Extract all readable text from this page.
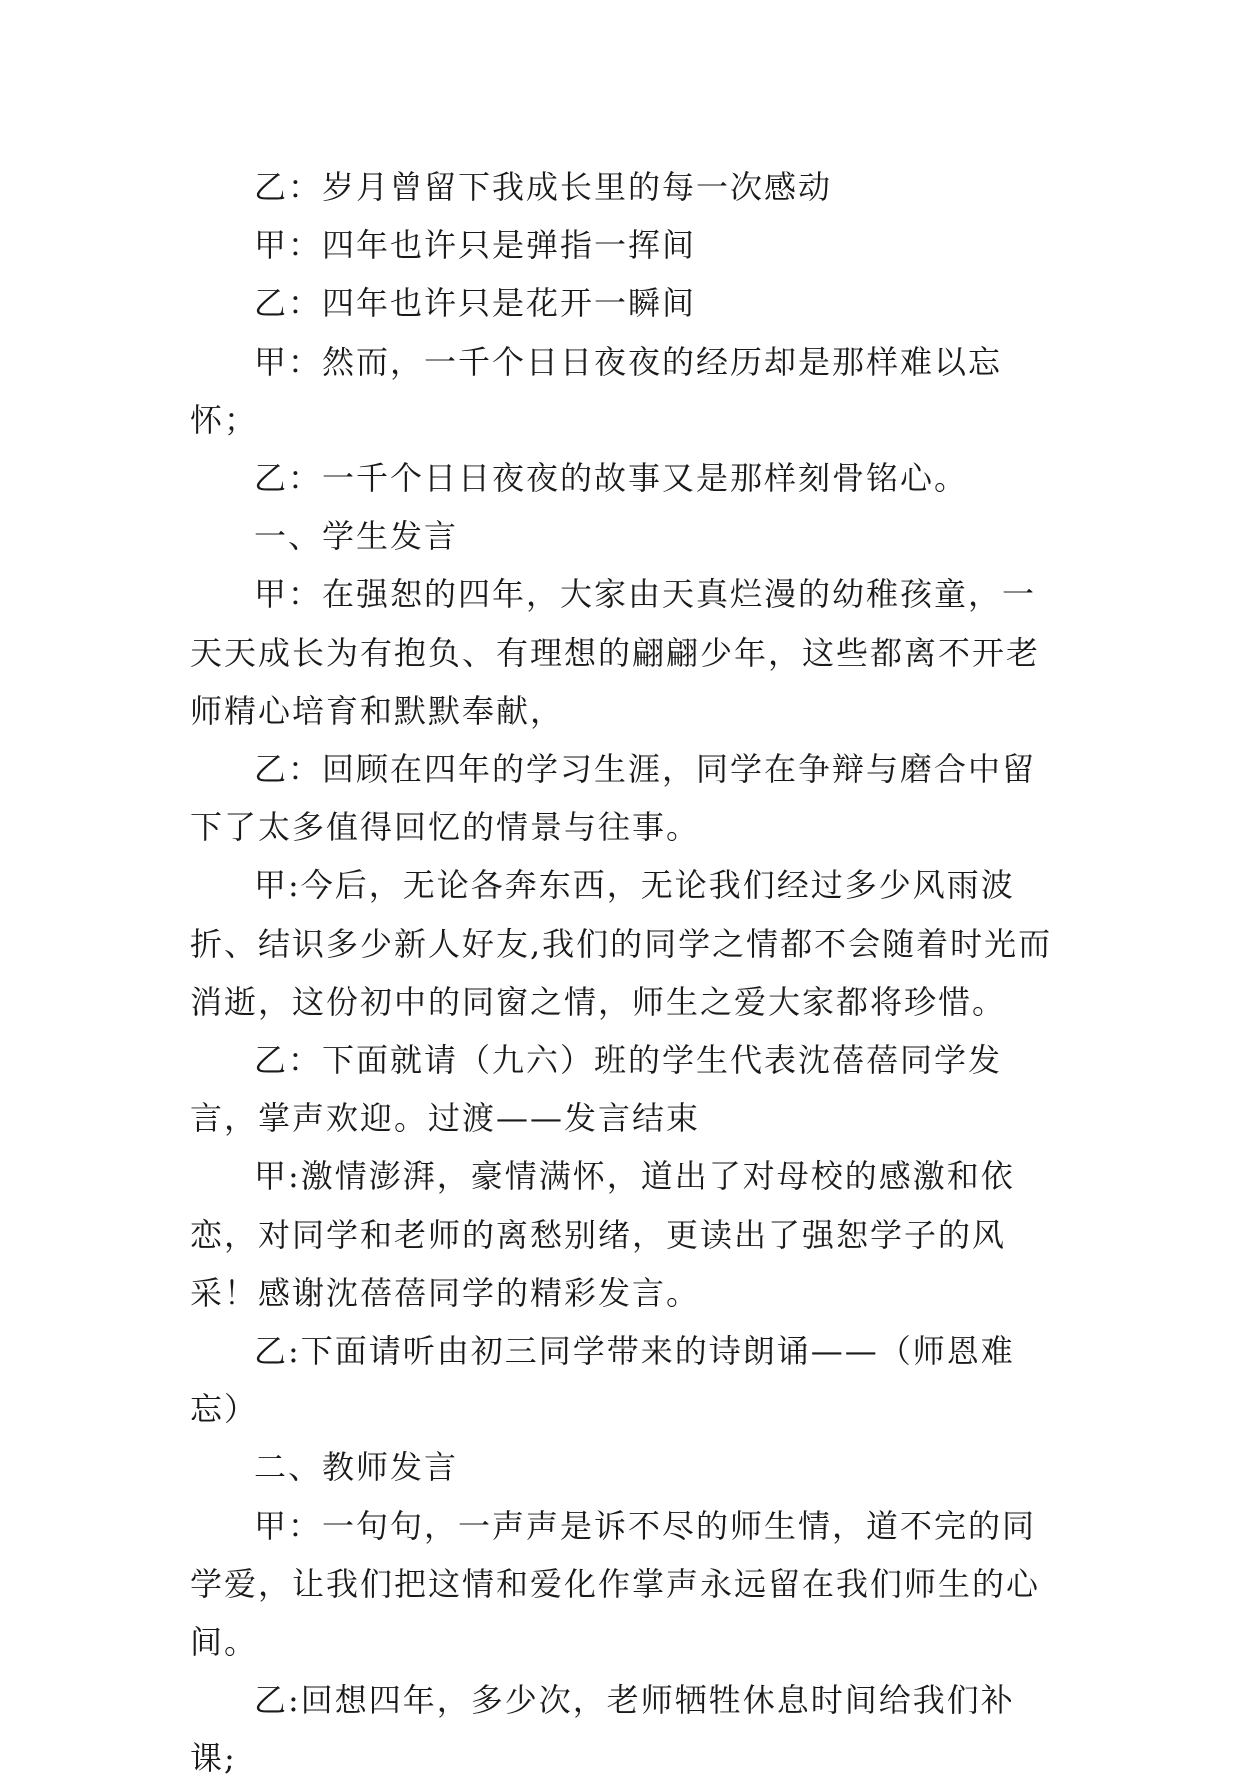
乙：岁月曾留下我成长里的每一次感动

甲：四年也许只是弹指一挥间

乙：四年也许只是花开一瞬间

甲：然而，一千个日日夜夜的经历却是那样难以忘怀；

乙：一千个日日夜夜的故事又是那样刻骨铭心。

一、学生发言

甲：在强恕的四年，大家由天真烂漫的幼稚孩童，一天天成长为有抱负、有理想的翩翩少年，这些都离不开老师精心培育和默默奉献，

乙：回顾在四年的学习生涯，同学在争辩与磨合中留下了太多值得回忆的情景与往事。

甲:今后，无论各奔东西，无论我们经过多少风雨波折、结识多少新人好友,我们的同学之情都不会随着时光而消逝，这份初中的同窗之情，师生之爱大家都将珍惜。

乙：下面就请（九六）班的学生代表沈蓓蓓同学发言，掌声欢迎。过渡——发言结束

甲:激情澎湃，豪情满怀，道出了对母校的感激和依恋，对同学和老师的离愁别绪，更读出了强恕学子的风采！感谢沈蓓蓓同学的精彩发言。

乙:下面请听由初三同学带来的诗朗诵——（师恩难忘）

二、教师发言

甲：一句句，一声声是诉不尽的师生情，道不完的同学爱，让我们把这情和爱化作掌声永远留在我们师生的心间。

乙:回想四年，多少次，老师牺牲休息时间给我们补课;
